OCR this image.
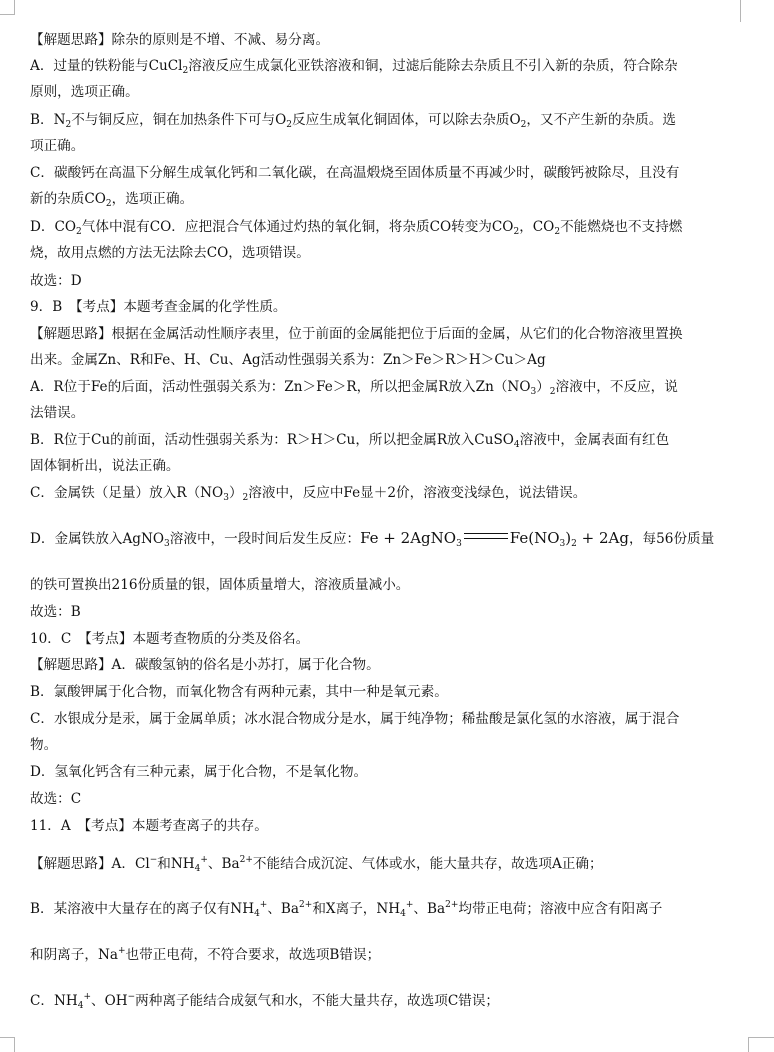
【解题思路】除杂的原则是不增、不减、易分离。
A．过量的铁粉能与CuCl$_2$溶液反应生成氯化亚铁溶液和铜，过滤后能除去杂质且不引入新的杂质，符合除杂
原则，选项正确。
B．$N_2$不与铜反应，铜在加热条件下可与$O_2$反应生成氧化铜固体，可以除去杂质$O_2$，又不产生新的杂质。选
项正确。
C．碳酸钙在高温下分解生成氧化钙和二氧化碳，在高温煅烧至固体质量不再减少时，碳酸钙被除尽，且没有
新的杂质$CO_2$，选项正确。
D．$CO_2$气体中混有CO．应把混合气体通过灼热的氧化铜，将杂质CO转变为$CO_2$，$CO_2$不能燃烧也不支持燃
烧，故用点燃的方法无法除去CO，选项错误。
故选：D
9．B　【考点】本题考查金属的化学性质。
【解题思路】根据在金属活动性顺序表里，位于前面的金属能把位于后面的金属，从它们的化合物溶液里置换
出来。金属Zn、R和Fe、H、Cu、Ag活动性强弱关系为：Zn＞Fe＞R＞H＞Cu＞Ag
A．R位于Fe的后面，活动性强弱关系为：Zn＞Fe＞R，所以把金属R放入$Zn(NO_3)_2$溶液中，不反应，说
法错误。
B．R位于Cu的前面，活动性强弱关系为：R＞H＞Cu，所以把金属R放入CuSO$_4$溶液中，金属表面有红色
固体铜析出，说法正确。
C．金属铁（足量）放入$R(NO_3)_2$溶液中，反应中Fe显＋2价，溶液变浅绿色，说法错误。
D．金属铁放入AgNO$_3$溶液中，一段时间后发生反应：Fe + 2AgNO$_3$	$Fe(NO_3)_2 + 2Ag$，每56份质量
的铁可置换出216份质量的银，固体质量增大，溶液质量减小。
故选：B
10．C　【考点】本题考查物质的分类及俗名。
【解题思路】A．碳酸氢钠的俗名是小苏打，属于化合物。
B．氯酸钾属于化合物，而氧化物含有两种元素，其中一种是氧元素。
C．水银成分是汞，属于金属单质；冰水混合物成分是水，属于纯净物；稀盐酸是氯化氢的水溶液，属于混合
物。
D．氢氧化钙含有三种元素，属于化合物，不是氧化物。
故选：C
11．A　【考点】本题考查离子的共存。
【解题思路】A．Cl−和$NH_4^+$、$Ba^{2+}$不能结合成沉淀、气体或水，能大量共存，故选项A正确；
B．某溶液中大量存在的离子仅有$NH_4^+$、$Ba^{2+}$和X离子，$NH_4^+$、$Ba^{2+}$均带正电荷；溶液中应含有阳离子
和阴离子，Na+也带正电荷，不符合要求，故选项B错误；
C．$NH_4^+$、OH−两种离子能结合成氨气和水，不能大量共存，故选项C错误；
